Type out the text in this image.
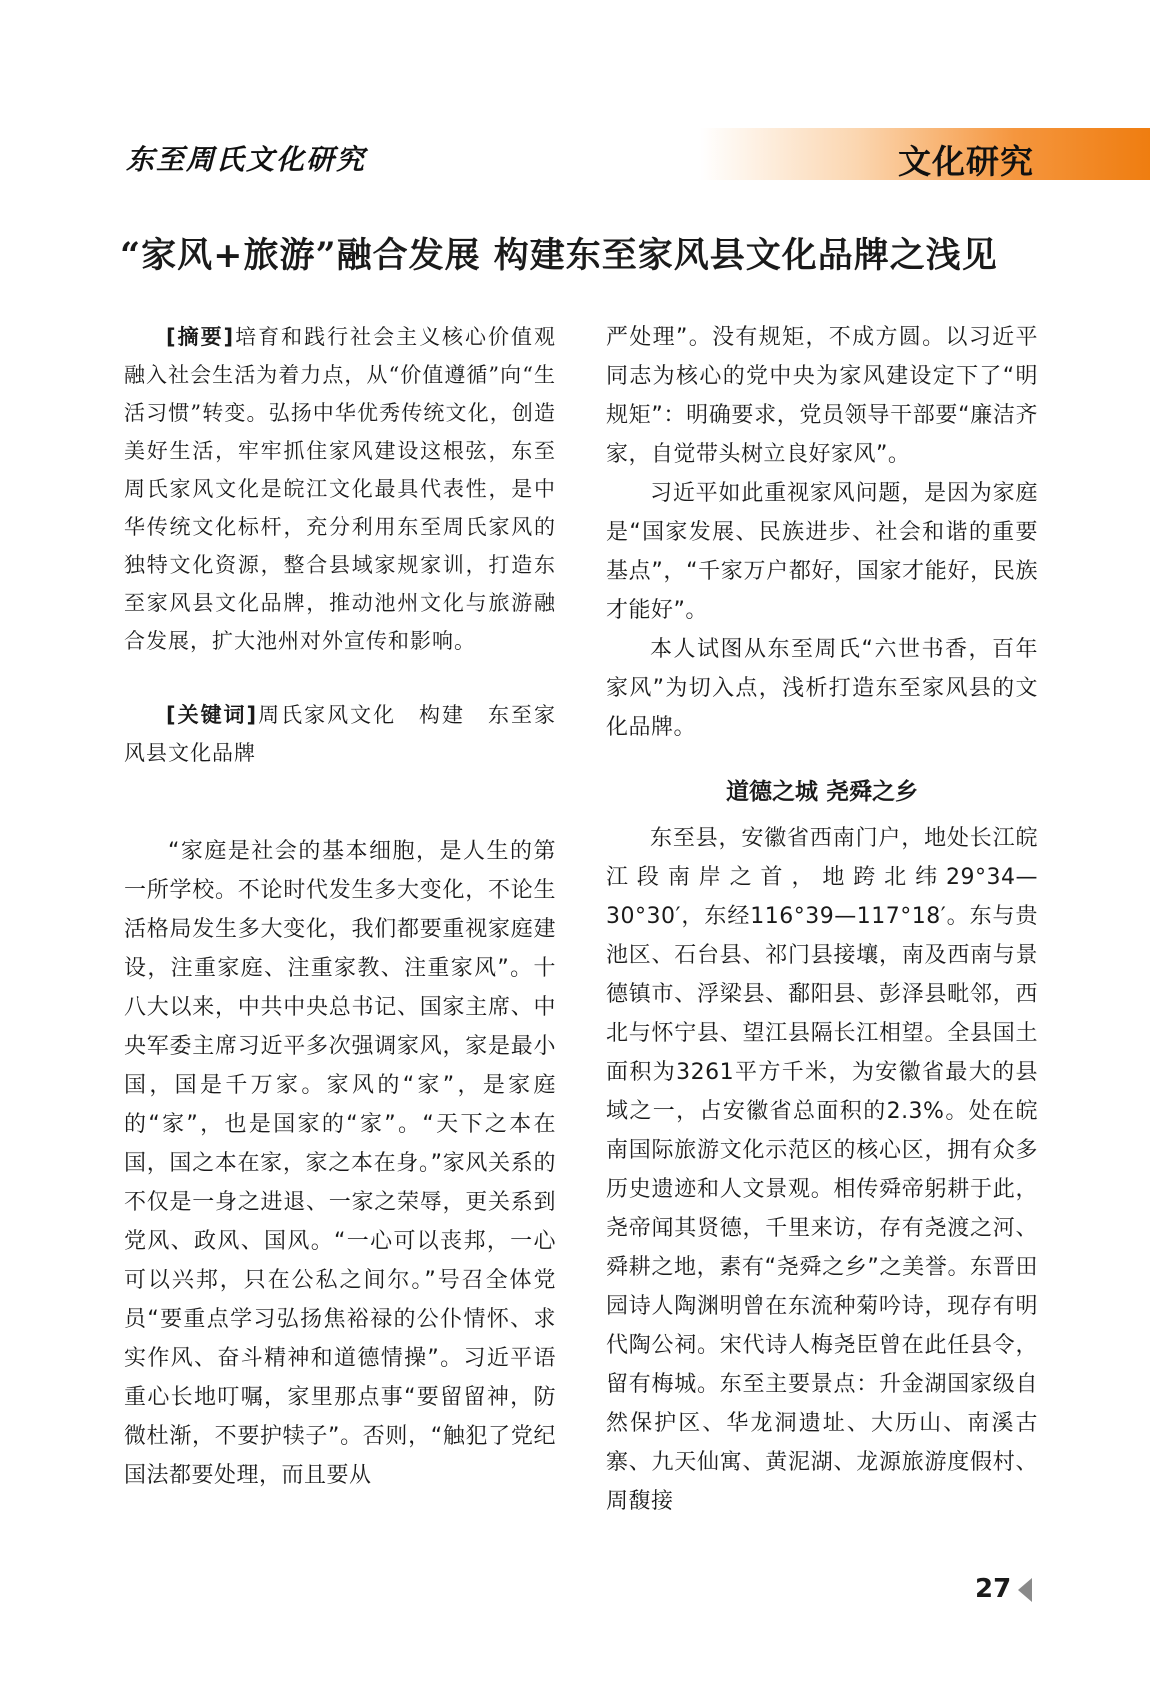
东至周氏文化研究	文化研究
“家风+旅游”融合发展 构建东至家风县文化品牌之浅见

[摘要]培育和践行社会主义核心价值观融入社会生活为着力点，从“价值遵循”向“生活习惯”转变。弘扬中华优秀传统文化，创造美好生活，牢牢抓住家风建设这根弦，东至周氏家风文化是皖江文化最具代表性，是中华传统文化标杆，充分利用东至周氏家风的独特文化资源，整合县域家规家训，打造东至家风县文化品牌，推动池州文化与旅游融合发展，扩大池州对外宣传和影响。

[关键词]周氏家风文化　构建　东至家风县文化品牌

“家庭是社会的基本细胞，是人生的第一所学校。不论时代发生多大变化，不论生活格局发生多大变化，我们都要重视家庭建设，注重家庭、注重家教、注重家风”。十八大以来，中共中央总书记、国家主席、中央军委主席习近平多次强调家风，家是最小国，国是千万家。家风的“家”，是家庭的“家”，也是国家的“家”。“天下之本在国，国之本在家，家之本在身。”家风关系的不仅是一身之进退、一家之荣辱，更关系到党风、政风、国风。“一心可以丧邦，一心可以兴邦，只在公私之间尔。”号召全体党员“要重点学习弘扬焦裕禄的公仆情怀、求实作风、奋斗精神和道德情操”。习近平语重心长地叮嘱，家里那点事“要留留神，防微杜渐，不要护犊子”。否则，“触犯了党纪国法都要处理，而且要从

严处理”。没有规矩，不成方圆。以习近平同志为核心的党中央为家风建设定下了“明规矩”：明确要求，党员领导干部要“廉洁齐家，自觉带头树立良好家风”。

习近平如此重视家风问题，是因为家庭是“国家发展、民族进步、社会和谐的重要基点”，“千家万户都好，国家才能好，民族才能好”。

本人试图从东至周氏“六世书香，百年家风”为切入点，浅析打造东至家风县的文化品牌。

道德之城 尧舜之乡

东至县，安徽省西南门户，地处长江皖江段南岸之首，地跨北纬29°34—30°30′，东经116°39—117°18′。东与贵池区、石台县、祁门县接壤，南及西南与景德镇市、浮梁县、鄱阳县、彭泽县毗邻，西北与怀宁县、望江县隔长江相望。全县国土面积为3261平方千米，为安徽省最大的县域之一，占安徽省总面积的2.3%。处在皖南国际旅游文化示范区的核心区，拥有众多历史遗迹和人文景观。相传舜帝躬耕于此，尧帝闻其贤德，千里来访，存有尧渡之河、舜耕之地，素有“尧舜之乡”之美誉。东晋田园诗人陶渊明曾在东流种菊吟诗，现存有明代陶公祠。宋代诗人梅尧臣曾在此任县令，留有梅城。东至主要景点：升金湖国家级自然保护区、华龙洞遗址、大历山、南溪古寨、九天仙寓、黄泥湖、龙源旅游度假村、周馥接

27
